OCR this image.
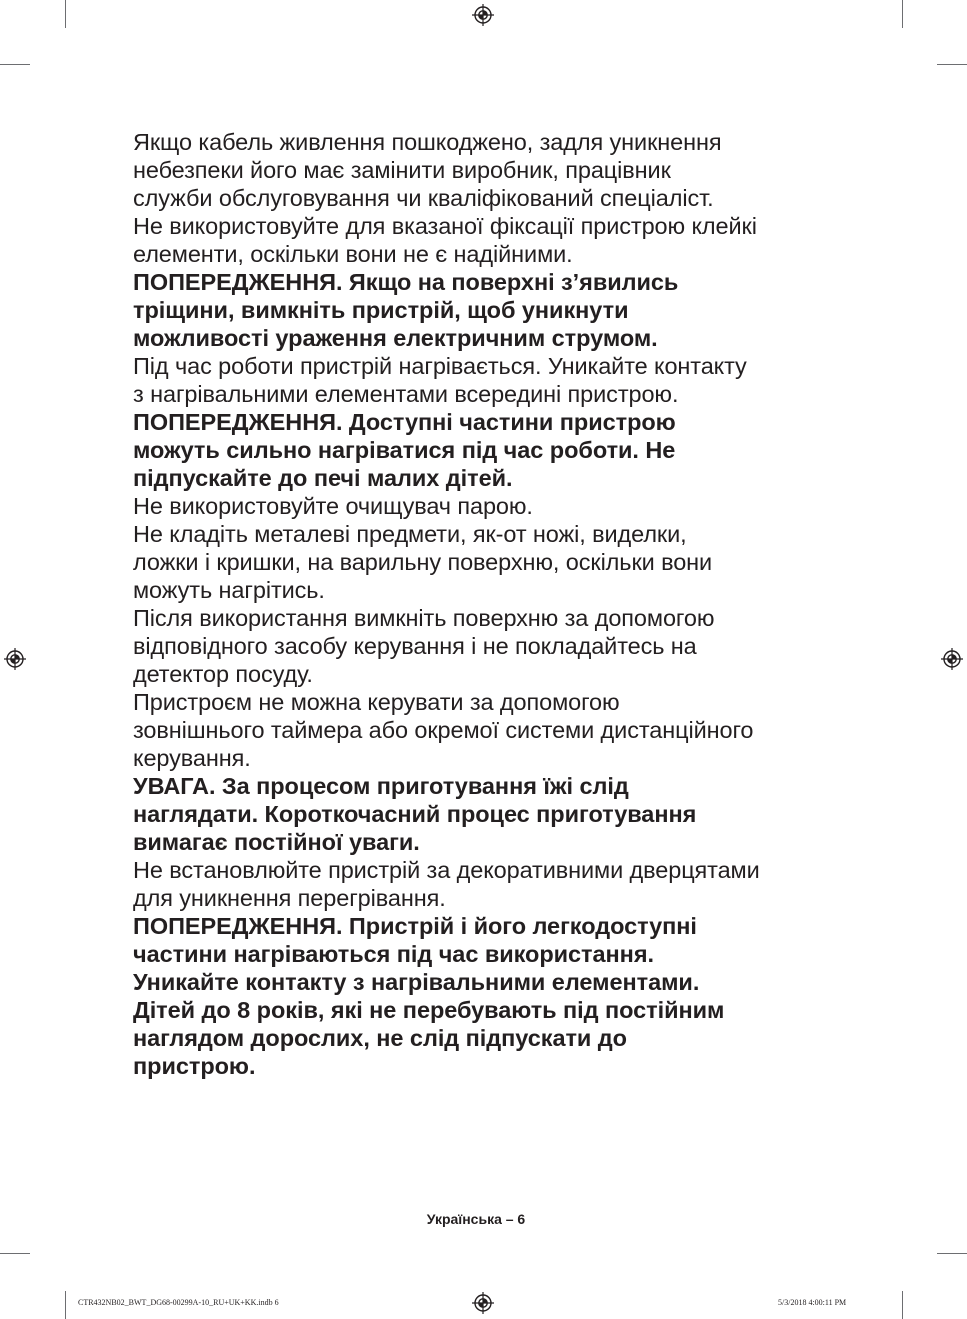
Якщо кабель живлення пошкоджено, задля уникнення
небезпеки його має замінити виробник, працівник
служби обслуговування чи кваліфікований спеціаліст.

Не використовуйте для вказаної фіксації пристрою клейкі
елементи, оскільки вони не є надійними.

ПОПЕРЕДЖЕННЯ. Якщо на поверхні з’явились
тріщини, вимкніть пристрій, щоб уникнути
можливості ураження електричним струмом.

Під час роботи пристрій нагрівається. Уникайте контакту
з нагрівальними елементами всередині пристрою.

ПОПЕРЕДЖЕННЯ. Доступні частини пристрою
можуть сильно нагріватися під час роботи. Не
підпускайте до печі малих дітей.

Не використовуйте очищувач парою.

Не кладіть металеві предмети, як-от ножі, виделки,
ложки і кришки, на варильну поверхню, оскільки вони
можуть нагрітись.

Після використання вимкніть поверхню за допомогою
відповідного засобу керування і не покладайтесь на
детектор посуду.

Пристроєм не можна керувати за допомогою
зовнішнього таймера або окремої системи дистанційного
керування.

УВАГА. За процесом приготування їжі слід
наглядати. Короткочасний процес приготування
вимагає постійної уваги.

Не встановлюйте пристрій за декоративними дверцятами
для уникнення перегрівання.

ПОПЕРЕДЖЕННЯ. Пристрій і його легкодоступні
частини нагріваються під час використання.
Уникайте контакту з нагрівальними елементами.
Дітей до 8 років, які не перебувають під постійним
наглядом дорослих, не слід підпускати до
пристрою.

Українська – 6
CTR432NB02_BWT_DG68-00299A-10_RU+UK+KK.indb 6	5/3/2018 4:00:11 PM
